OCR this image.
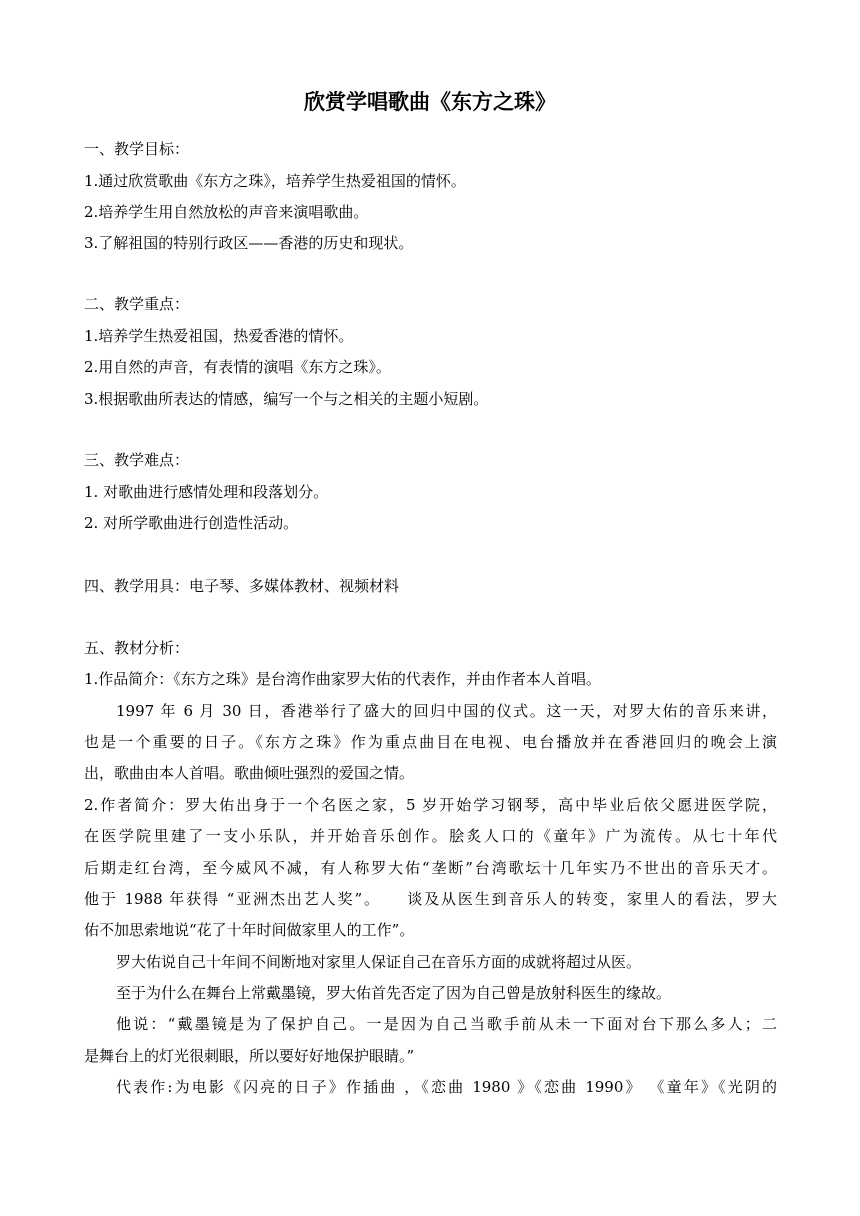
欣赏学唱歌曲《东方之珠》
一、教学目标：
1.通过欣赏歌曲《东方之珠》，培养学生热爱祖国的情怀。
2.培养学生用自然放松的声音来演唱歌曲。
3.了解祖国的特别行政区——香港的历史和现状。
二、教学重点：
1.培养学生热爱祖国，热爱香港的情怀。
2.用自然的声音，有表情的演唱《东方之珠》。
3.根据歌曲所表达的情感，编写一个与之相关的主题小短剧。
三、教学难点：
1. 对歌曲进行感情处理和段落划分。
2. 对所学歌曲进行创造性活动。
四、教学用具：电子琴、多媒体教材、视频材料
五、教材分析：
1.作品简介：《东方之珠》是台湾作曲家罗大佑的代表作，并由作者本人首唱。
1997 年 6 月 30 日，香港举行了盛大的回归中国的仪式。这一天，对罗大佑的音乐来讲，
也是一个重要的日子。《东方之珠》作为重点曲目在电视、电台播放并在香港回归的晚会上演
出，歌曲由本人首唱。歌曲倾吐强烈的爱国之情。
2.作者简介：罗大佑出身于一个名医之家，5 岁开始学习钢琴，高中毕业后依父愿进医学院，
在医学院里建了一支小乐队，并开始音乐创作。脍炙人口的《童年》广为流传。从七十年代
后期走红台湾，至今威风不减，有人称罗大佑“垄断”台湾歌坛十几年实乃不世出的音乐天才。
他于 1988 年获得 “亚洲杰出艺人奖”。　　谈及从医生到音乐人的转变，家里人的看法，罗大
佑不加思索地说“花了十年时间做家里人的工作”。
罗大佑说自己十年间不间断地对家里人保证自己在音乐方面的成就将超过从医。
至于为什么在舞台上常戴墨镜，罗大佑首先否定了因为自己曾是放射科医生的缘故。
他说：“戴墨镜是为了保护自己。一是因为自己当歌手前从未一下面对台下那么多人；二
是舞台上的灯光很刺眼，所以要好好地保护眼睛。”
代表作:为电影《闪亮的日子》作插曲 ，《恋曲 1980 》《恋曲 1990》 《童年》《光阴的
